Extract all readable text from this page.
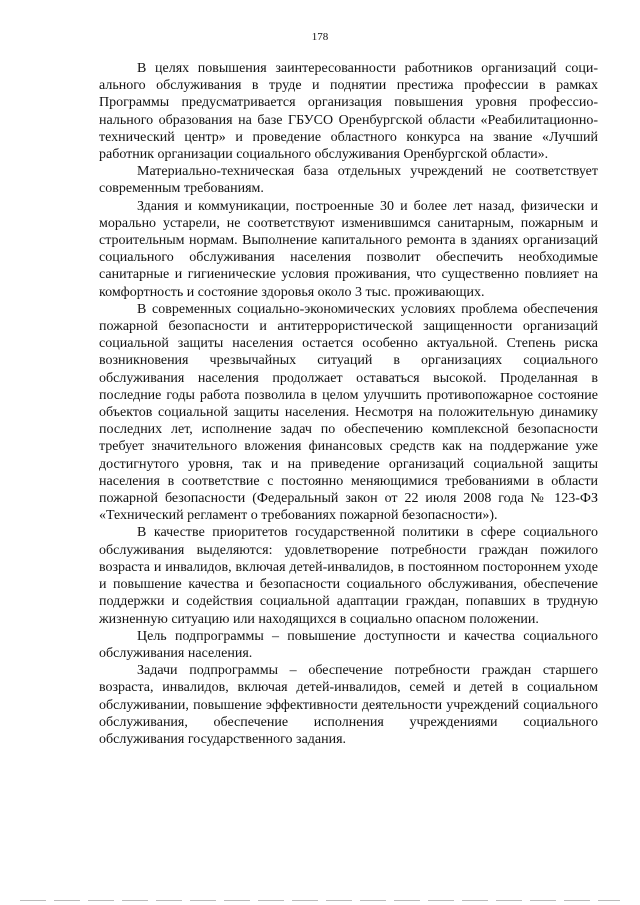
178

В целях повышения заинтересованности работников организаций социального обслуживания в труде и поднятии престижа профессии в рамках Программы предусматривается организация повышения уровня профессионального образования на базе ГБУСО Оренбургской области «Реабилитационно-технический центр» и проведение областного конкурса на звание «Лучший работник организации социального обслуживания Оренбургской области».

Материально-техническая база отдельных учреждений не соответствует современным требованиям.

Здания и коммуникации, построенные 30 и более лет назад, физически и морально устарели, не соответствуют изменившимся санитарным, пожарным и строительным нормам. Выполнение капитального ремонта в зданиях организаций социального обслуживания населения позволит обеспечить необходимые санитарные и гигиенические условия проживания, что существенно повлияет на комфортность и состояние здоровья около 3 тыс. проживающих.

В современных социально-экономических условиях проблема обеспечения пожарной безопасности и антитеррористической защищенности организаций социальной защиты населения остается особенно актуальной. Степень риска возникновения чрезвычайных ситуаций в организациях социального обслуживания населения продолжает оставаться высокой. Проделанная в последние годы работа позволила в целом улучшить противопожарное состояние объектов социальной защиты населения. Несмотря на положительную динамику последних лет, исполнение задач по обеспечению комплексной безопасности требует значительного вложения финансовых средств как на поддержание уже достигнутого уровня, так и на приведение организаций социальной защиты населения в соответствие с постоянно меняющимися требованиями в области пожарной безопасности (Федеральный закон от 22 июля 2008 года № 123-ФЗ «Технический регламент о требованиях пожарной безопасности»).

В качестве приоритетов государственной политики в сфере социального обслуживания выделяются: удовлетворение потребности граждан пожилого возраста и инвалидов, включая детей-инвалидов, в постоянном постороннем уходе и повышение качества и безопасности социального обслуживания, обеспечение поддержки и содействия социальной адаптации граждан, попавших в трудную жизненную ситуацию или находящихся в социально опасном положении.

Цель подпрограммы – повышение доступности и качества социального обслуживания населения.

Задачи подпрограммы – обеспечение потребности граждан старшего возраста, инвалидов, включая детей-инвалидов, семей и детей в социальном обслуживании, повышение эффективности деятельности учреждений социального обслуживания, обеспечение исполнения учреждениями социального обслуживания государственного задания.
